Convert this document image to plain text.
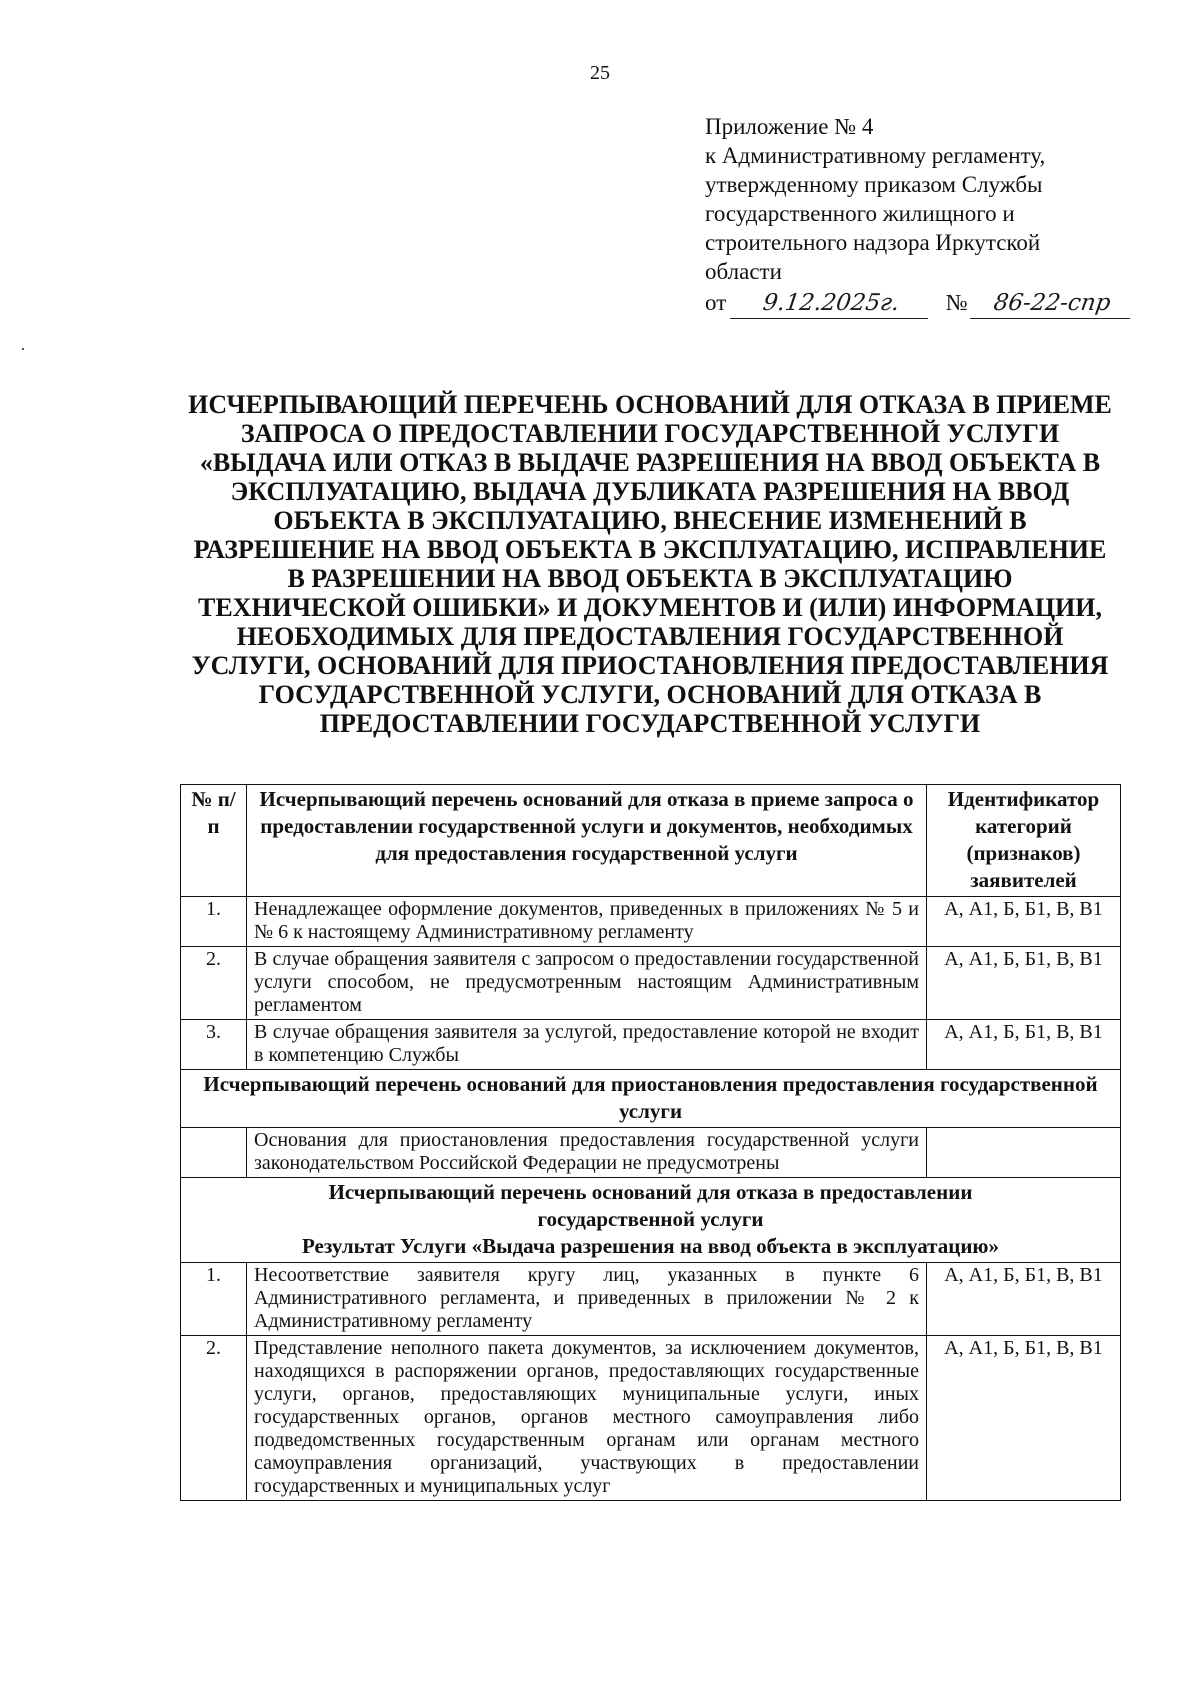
25
Приложение № 4
к Административному регламенту,
утвержденному приказом Службы
государственного жилищного и
строительного надзора Иркутской
области
от 9.12.2025г. № 86-22-спр
ИСЧЕРПЫВАЮЩИЙ ПЕРЕЧЕНЬ ОСНОВАНИЙ ДЛЯ ОТКАЗА В ПРИЕМЕ
ЗАПРОСА О ПРЕДОСТАВЛЕНИИ ГОСУДАРСТВЕННОЙ УСЛУГИ
«ВЫДАЧА ИЛИ ОТКАЗ В ВЫДАЧЕ РАЗРЕШЕНИЯ НА ВВОД ОБЪЕКТА В
ЭКСПЛУАТАЦИЮ, ВЫДАЧА ДУБЛИКАТА РАЗРЕШЕНИЯ НА ВВОД
ОБЪЕКТА В ЭКСПЛУАТАЦИЮ, ВНЕСЕНИЕ ИЗМЕНЕНИЙ В
РАЗРЕШЕНИЕ НА ВВОД ОБЪЕКТА В ЭКСПЛУАТАЦИЮ, ИСПРАВЛЕНИЕ
В РАЗРЕШЕНИИ НА ВВОД ОБЪЕКТА В ЭКСПЛУАТАЦИЮ
ТЕХНИЧЕСКОЙ ОШИБКИ» И ДОКУМЕНТОВ И (ИЛИ) ИНФОРМАЦИИ,
НЕОБХОДИМЫХ ДЛЯ ПРЕДОСТАВЛЕНИЯ ГОСУДАРСТВЕННОЙ
УСЛУГИ, ОСНОВАНИЙ ДЛЯ ПРИОСТАНОВЛЕНИЯ ПРЕДОСТАВЛЕНИЯ
ГОСУДАРСТВЕННОЙ УСЛУГИ, ОСНОВАНИЙ ДЛЯ ОТКАЗА В
ПРЕДОСТАВЛЕНИИ ГОСУДАРСТВЕННОЙ УСЛУГИ
№ п/п	Исчерпывающий перечень оснований для отказа в приеме запроса о предоставлении государственной услуги и документов, необходимых для предоставления государственной услуги	Идентификатор категорий (признаков) заявителей
1.	Ненадлежащее оформление документов, приведенных в приложениях № 5 и № 6 к настоящему Административному регламенту	А, А1, Б, Б1, В, В1
2.	В случае обращения заявителя с запросом о предоставлении государственной услуги способом, не предусмотренным настоящим Административным регламентом	А, А1, Б, Б1, В, В1
3.	В случае обращения заявителя за услугой, предоставление которой не входит в компетенцию Службы	А, А1, Б, Б1, В, В1
Исчерпывающий перечень оснований для приостановления предоставления государственной услуги		
	Основания для приостановления предоставления государственной услуги законодательством Российской Федерации не предусмотрены	

Исчерпывающий перечень оснований для отказа в предоставлении
государственной услуги
Результат Услуги «Выдача разрешения на ввод объекта в эксплуатацию»		

1.	Несоответствие заявителя кругу лиц, указанных в пункте 6 Административного регламента, и приведенных в приложении № 2 к Административному регламенту	А, А1, Б, Б1, В, В1
2.	Представление неполного пакета документов, за исключением документов, находящихся в распоряжении органов, предоставляющих государственные услуги, органов, предоставляющих муниципальные услуги, иных государственных органов, органов местного самоуправления либо подведомственных государственным органам или органам местного самоуправления организаций, участвующих в предоставлении государственных и муниципальных услуг	А, А1, Б, Б1, В, В1
